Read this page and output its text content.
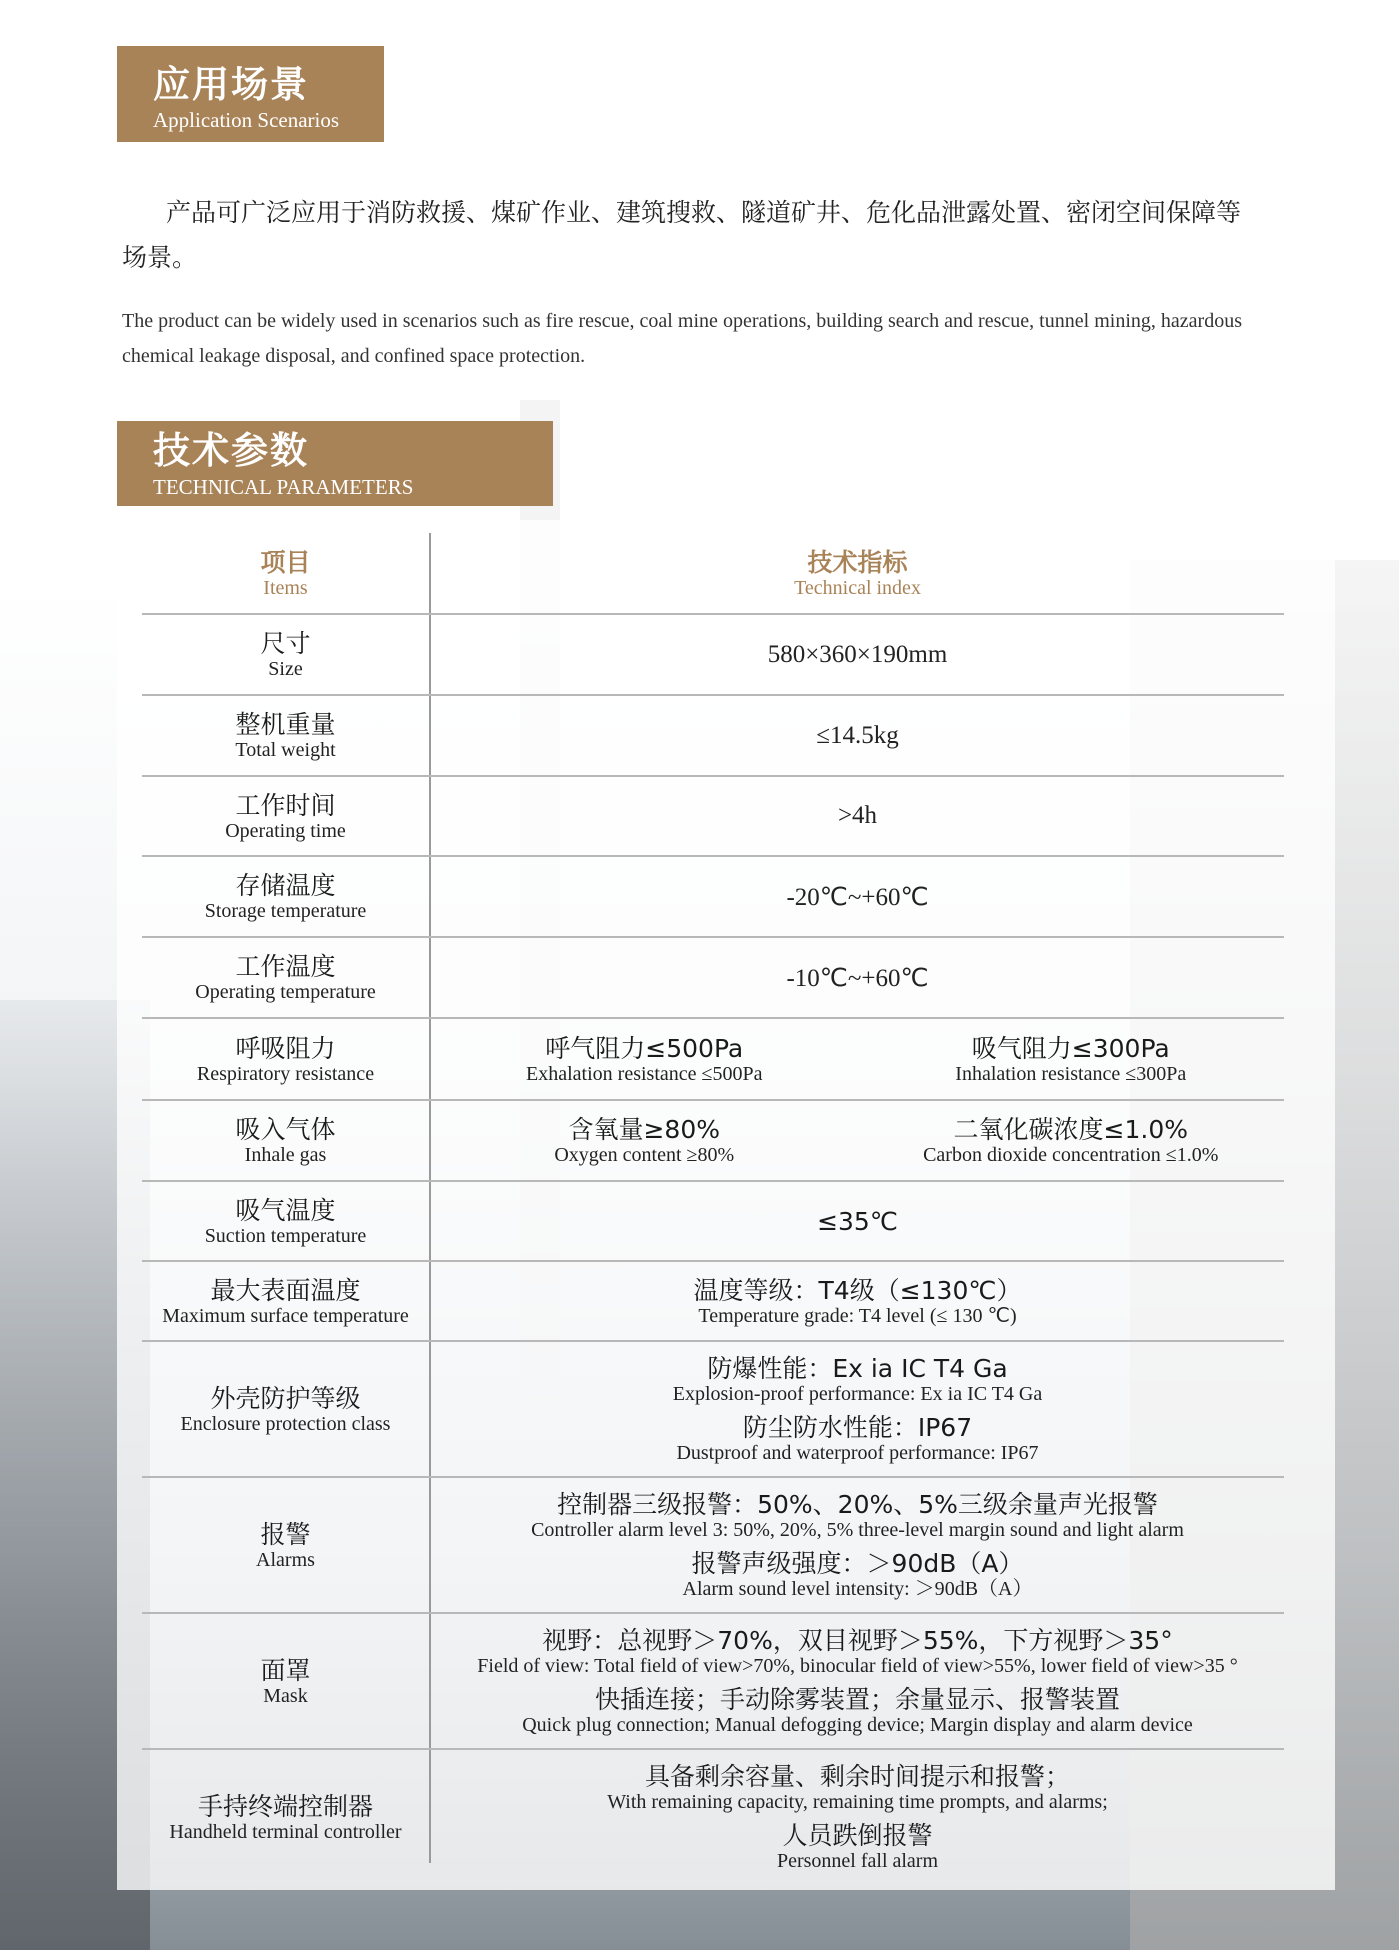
应用场景
Application Scenarios
产品可广泛应用于消防救援、煤矿作业、建筑搜救、隧道矿井、危化品泄露处置、密闭空间保障等场景。
The product can be widely used in scenarios such as fire rescue, coal mine operations, building search and rescue, tunnel mining, hazardous chemical leakage disposal, and confined space protection.
技术参数
TECHNICAL PARAMETERS
项目
Items
技术指标
Technical index
尺寸
Size
580×360×190mm
整机重量
Total weight
≤14.5kg
工作时间
Operating time
>4h
存储温度
Storage temperature
-20℃~+60℃
工作温度
Operating temperature
-10℃~+60℃
呼吸阻力
Respiratory resistance
呼气阻力≤500Pa
Exhalation resistance ≤500Pa
吸气阻力≤300Pa
Inhalation resistance ≤300Pa
吸入气体
Inhale gas
含氧量≥80%
Oxygen content ≥80%
二氧化碳浓度≤1.0%
Carbon dioxide concentration ≤1.0%
吸气温度
Suction temperature	≤35℃
最大表面温度
Maximum surface temperature
温度等级：T4级（≤130℃）
Temperature grade: T4 level (≤ 130 ℃)
外壳防护等级
Enclosure protection class
防爆性能：Ex ia IC T4 Ga
Explosion-proof performance: Ex ia IC T4 Ga
防尘防水性能：IP67
Dustproof and waterproof performance: IP67
报警
Alarms
控制器三级报警：50%、20%、5%三级余量声光报警
Controller alarm level 3: 50%, 20%, 5% three-level margin sound and light alarm
报警声级强度：＞90dB（A）
Alarm sound level intensity: ＞90dB（A）
面罩
Mask
视野：总视野＞70%，双目视野＞55%，下方视野＞35°
Field of view: Total field of view>70%, binocular field of view>55%, lower field of view>35 °
快插连接；手动除雾装置；余量显示、报警装置
Quick plug connection; Manual defogging device; Margin display and alarm device
手持终端控制器
Handheld terminal controller
具备剩余容量、剩余时间提示和报警；
With remaining capacity, remaining time prompts, and alarms;
人员跌倒报警
Personnel fall alarm
